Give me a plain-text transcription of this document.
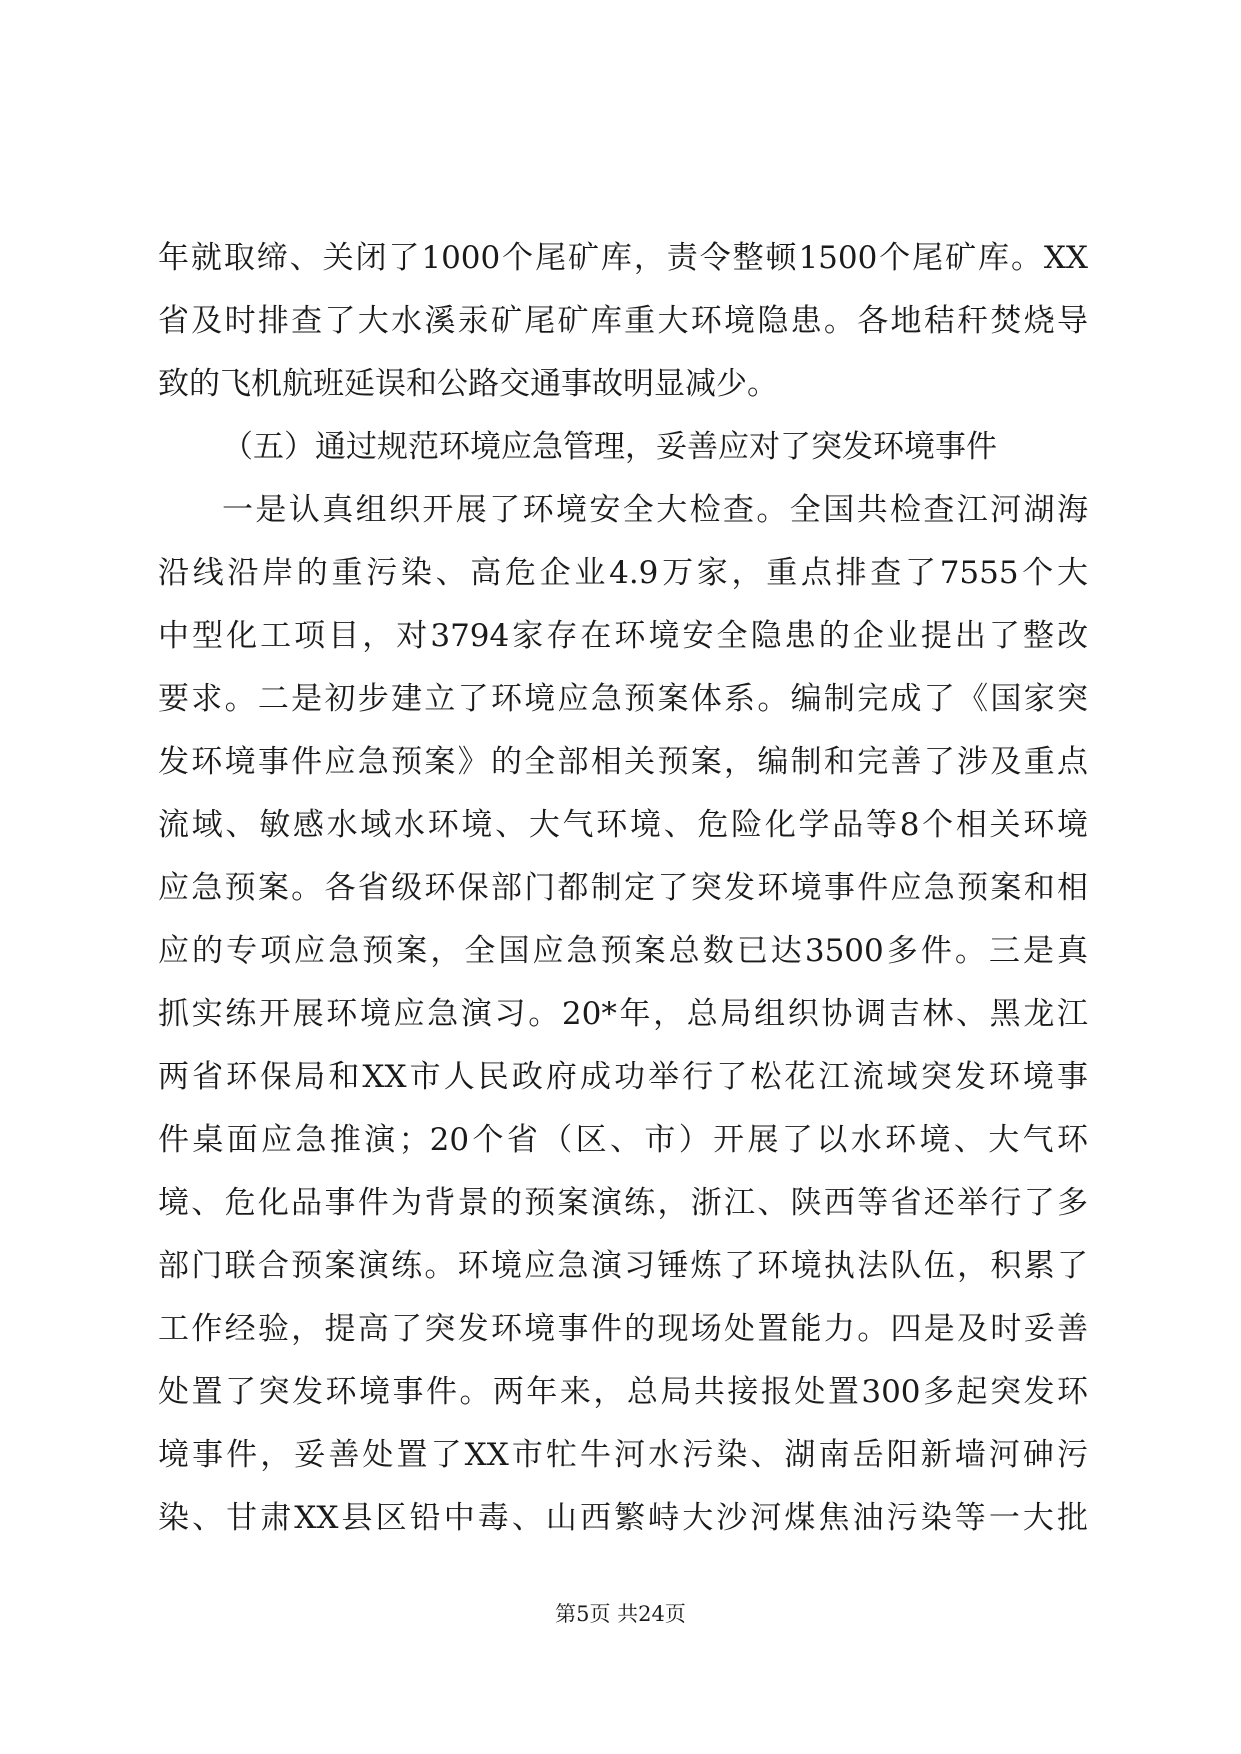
年就取缔、关闭了1000个尾矿库，责令整顿1500个尾矿库。XX
省及时排查了大水溪汞矿尾矿库重大环境隐患。各地秸秆焚烧导
致的飞机航班延误和公路交通事故明显减少。
（五）通过规范环境应急管理，妥善应对了突发环境事件
一是认真组织开展了环境安全大检查。全国共检查江河湖海
沿线沿岸的重污染、高危企业4.9万家，重点排查了7555个大
中型化工项目，对3794家存在环境安全隐患的企业提出了整改
要求。二是初步建立了环境应急预案体系。编制完成了《国家突
发环境事件应急预案》的全部相关预案，编制和完善了涉及重点
流域、敏感水域水环境、大气环境、危险化学品等8个相关环境
应急预案。各省级环保部门都制定了突发环境事件应急预案和相
应的专项应急预案，全国应急预案总数已达3500多件。三是真
抓实练开展环境应急演习。20*年，总局组织协调吉林、黑龙江
两省环保局和XX市人民政府成功举行了松花江流域突发环境事
件桌面应急推演；20个省（区、市）开展了以水环境、大气环
境、危化品事件为背景的预案演练，浙江、陕西等省还举行了多
部门联合预案演练。环境应急演习锤炼了环境执法队伍，积累了
工作经验，提高了突发环境事件的现场处置能力。四是及时妥善
处置了突发环境事件。两年来，总局共接报处置300多起突发环
境事件，妥善处置了XX市牤牛河水污染、湖南岳阳新墙河砷污
染、甘肃XX县区铅中毒、山西繁峙大沙河煤焦油污染等一大批
第5页 共24页
